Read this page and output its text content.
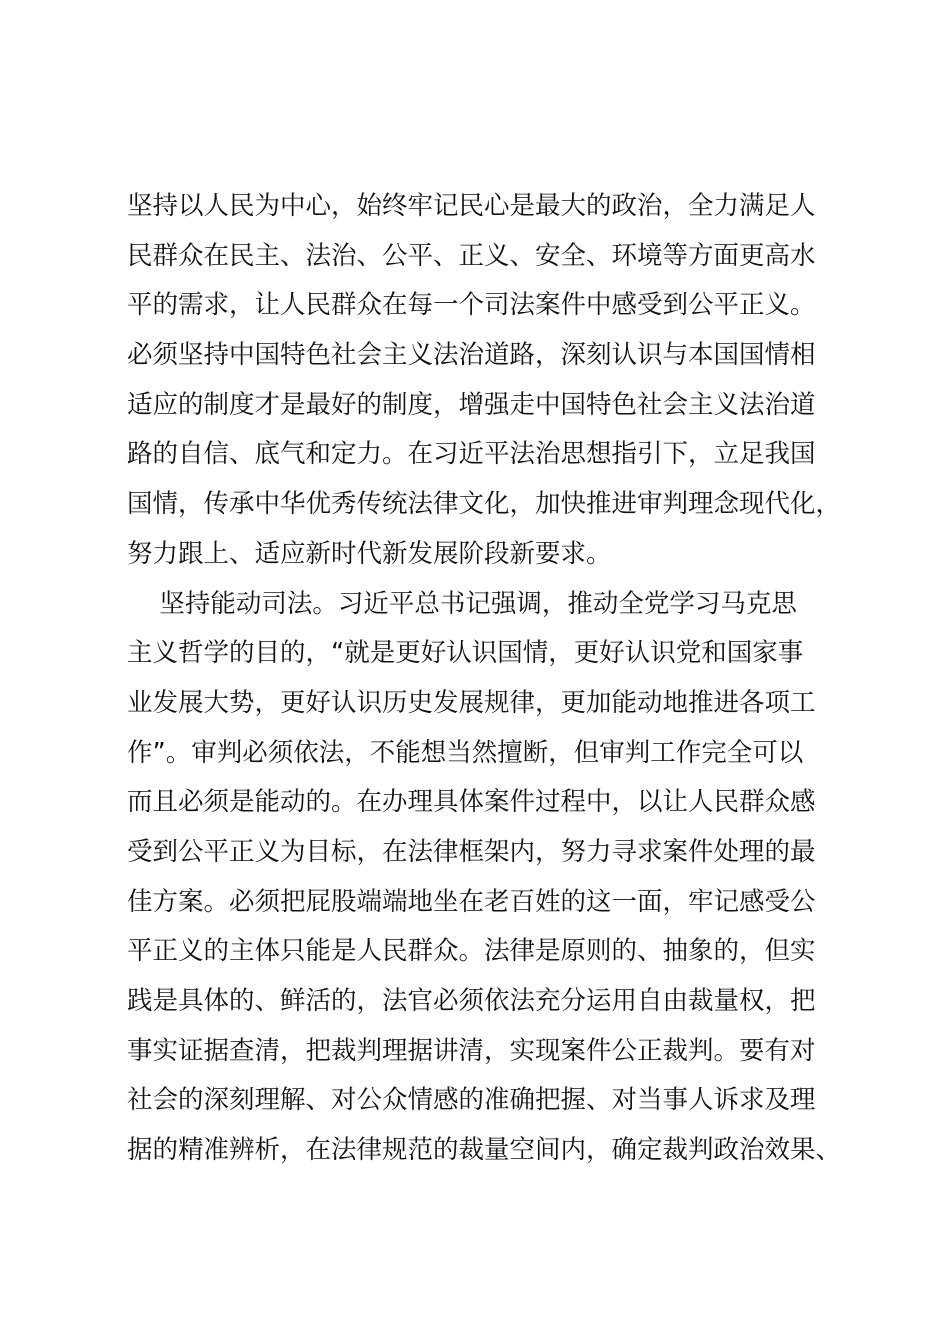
坚持以人民为中心，始终牢记民心是最大的政治，全力满足人
民群众在民主、法治、公平、正义、安全、环境等方面更高水
平的需求，让人民群众在每一个司法案件中感受到公平正义。
必须坚持中国特色社会主义法治道路，深刻认识与本国国情相
适应的制度才是最好的制度，增强走中国特色社会主义法治道
路的自信、底气和定力。在习近平法治思想指引下，立足我国
国情，传承中华优秀传统法律文化，加快推进审判理念现代化，
努力跟上、适应新时代新发展阶段新要求。
坚持能动司法。习近平总书记强调，推动全党学习马克思
主义哲学的目的，“就是更好认识国情，更好认识党和国家事
业发展大势，更好认识历史发展规律，更加能动地推进各项工
作”。审判必须依法，不能想当然擅断，但审判工作完全可以
而且必须是能动的。在办理具体案件过程中，以让人民群众感
受到公平正义为目标，在法律框架内，努力寻求案件处理的最
佳方案。必须把屁股端端地坐在老百姓的这一面，牢记感受公
平正义的主体只能是人民群众。法律是原则的、抽象的，但实
践是具体的、鲜活的，法官必须依法充分运用自由裁量权，把
事实证据查清，把裁判理据讲清，实现案件公正裁判。要有对
社会的深刻理解、对公众情感的准确把握、对当事人诉求及理
据的精准辨析，在法律规范的裁量空间内，确定裁判政治效果、
